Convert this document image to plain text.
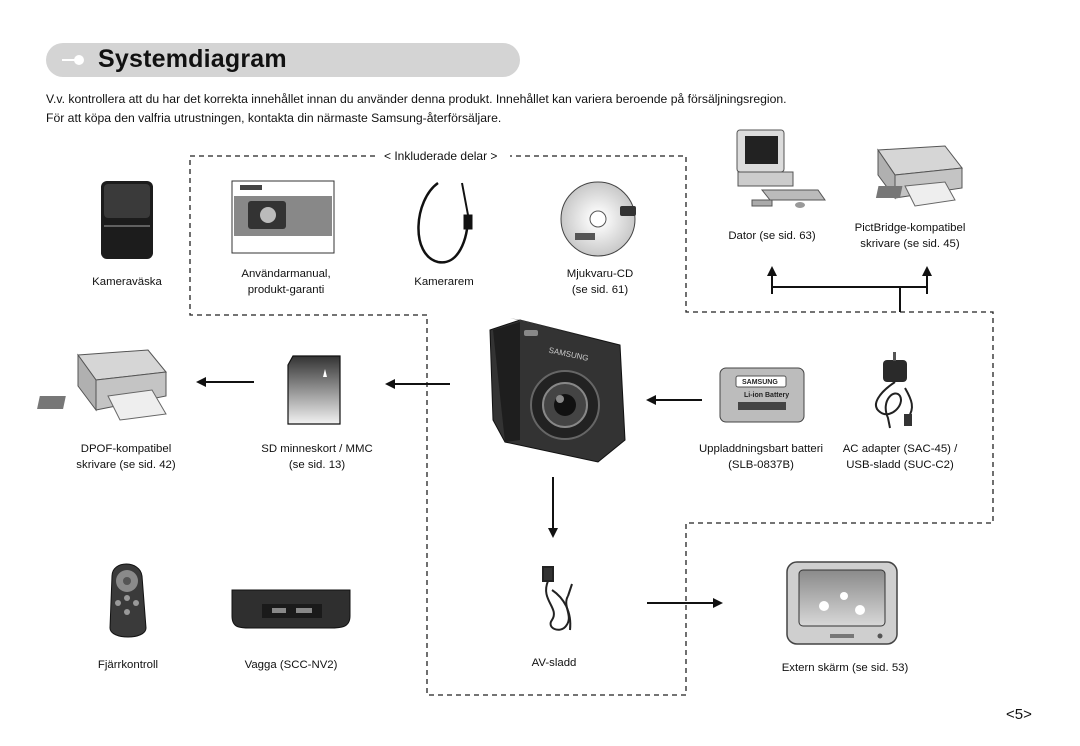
Systemdiagram
V.v. kontrollera att du har det korrekta innehållet innan du använder denna produkt. Innehållet kan variera beroende på försäljningsregion.
För att köpa den valfria utrustningen, kontakta din närmaste Samsung-återförsäljare.
SAMSUNG
SAMSUNG
Li-ion Battery
< Inkluderade delar >
Kameraväska
Användarmanual,
produkt-garanti
Kamerarem
Mjukvaru-CD
(se sid. 61)
Dator (se sid. 63)
PictBridge-kompatibel
skrivare (se sid. 45)
DPOF-kompatibel
skrivare (se sid. 42)
SD minneskort / MMC
(se sid. 13)
Uppladdningsbart batteri
(SLB-0837B)
AC adapter (SAC-45) /
USB-sladd (SUC-C2)
Fjärrkontroll	Vagga (SCC-NV2)	AV-sladd	Extern skärm (se sid. 53)
<5>
